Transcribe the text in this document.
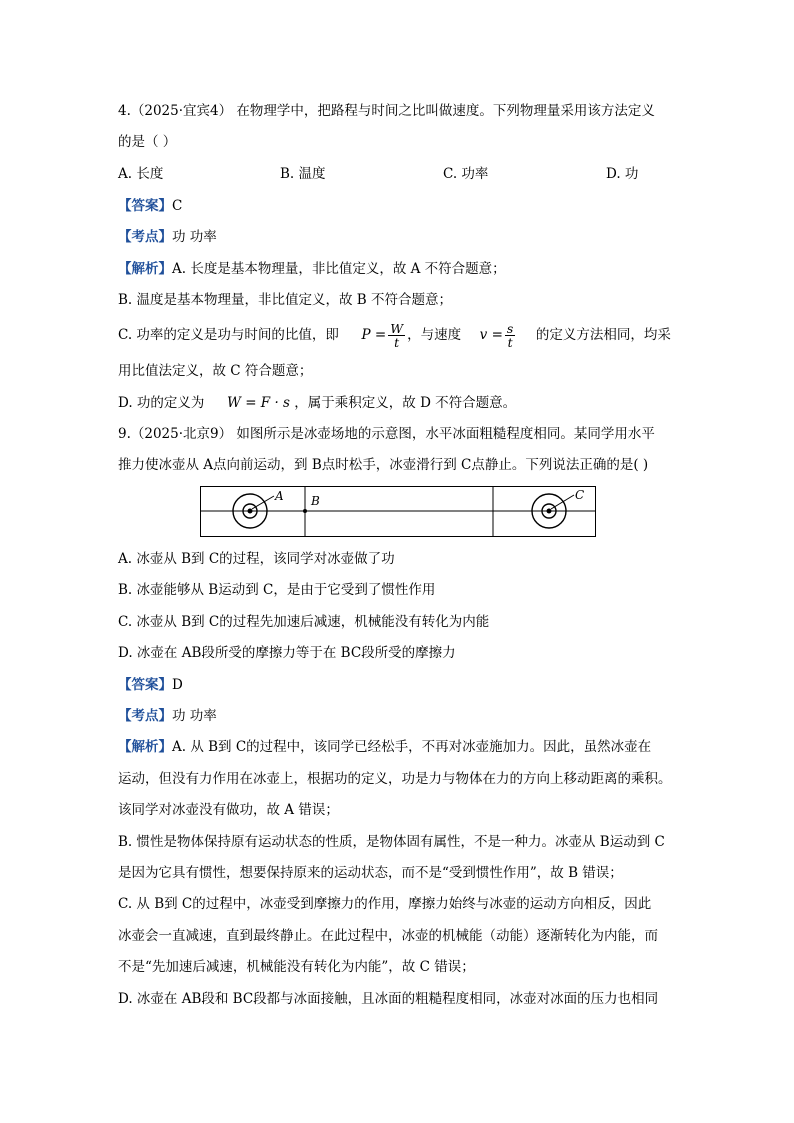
4.（2025·宜宾4） 在物理学中，把路程与时间之比叫做速度。下列物理量采用该方法定义
的是（ ）
A. 长度	B. 温度	C. 功率	D. 功
【答案】C
【考点】功 功率
【解析】A. 长度是基本物理量，非比值定义，故 A 不符合题意；
B. 温度是基本物理量，非比值定义，故 B 不符合题意；
C. 功率的定义是功与时间的比值，即 $P = \frac{W}{t}$ ，与速度 $v = \frac{s}{t}$ 的定义方法相同，均采
用比值法定义，故 C 符合题意；
D. 功的定义为 W = F · s ，属于乘积定义，故 D 不符合题意。
9.（2025·北京9） 如图所示是冰壶场地的示意图，水平冰面粗糙程度相同。某同学用水平
推力使冰壶从 A点向前运动，到 B点时松手，冰壶滑行到 C点静止。下列说法正确的是( )
A B	C
A. 冰壶从 B到 C的过程，该同学对冰壶做了功
B. 冰壶能够从 B运动到 C，是由于它受到了惯性作用
C. 冰壶从 B到 C的过程先加速后减速，机械能没有转化为内能
D. 冰壶在 AB段所受的摩擦力等于在 BC段所受的摩擦力
【答案】D
【考点】功 功率
【解析】A. 从 B到 C的过程中，该同学已经松手，不再对冰壶施加力。因此，虽然冰壶在
运动，但没有力作用在冰壶上，根据功的定义，功是力与物体在力的方向上移动距离的乘积。
该同学对冰壶没有做功，故 A 错误；
B. 惯性是物体保持原有运动状态的性质，是物体固有属性，不是一种力。冰壶从 B运动到 C
是因为它具有惯性，想要保持原来的运动状态，而不是“受到惯性作用”，故 B 错误；
C. 从 B到 C的过程中，冰壶受到摩擦力的作用，摩擦力始终与冰壶的运动方向相反，因此
冰壶会一直减速，直到最终静止。在此过程中，冰壶的机械能（动能）逐渐转化为内能，而
不是“先加速后减速，机械能没有转化为内能”，故 C 错误；
D. 冰壶在 AB段和 BC段都与冰面接触，且冰面的粗糙程度相同，冰壶对冰面的压力也相同
